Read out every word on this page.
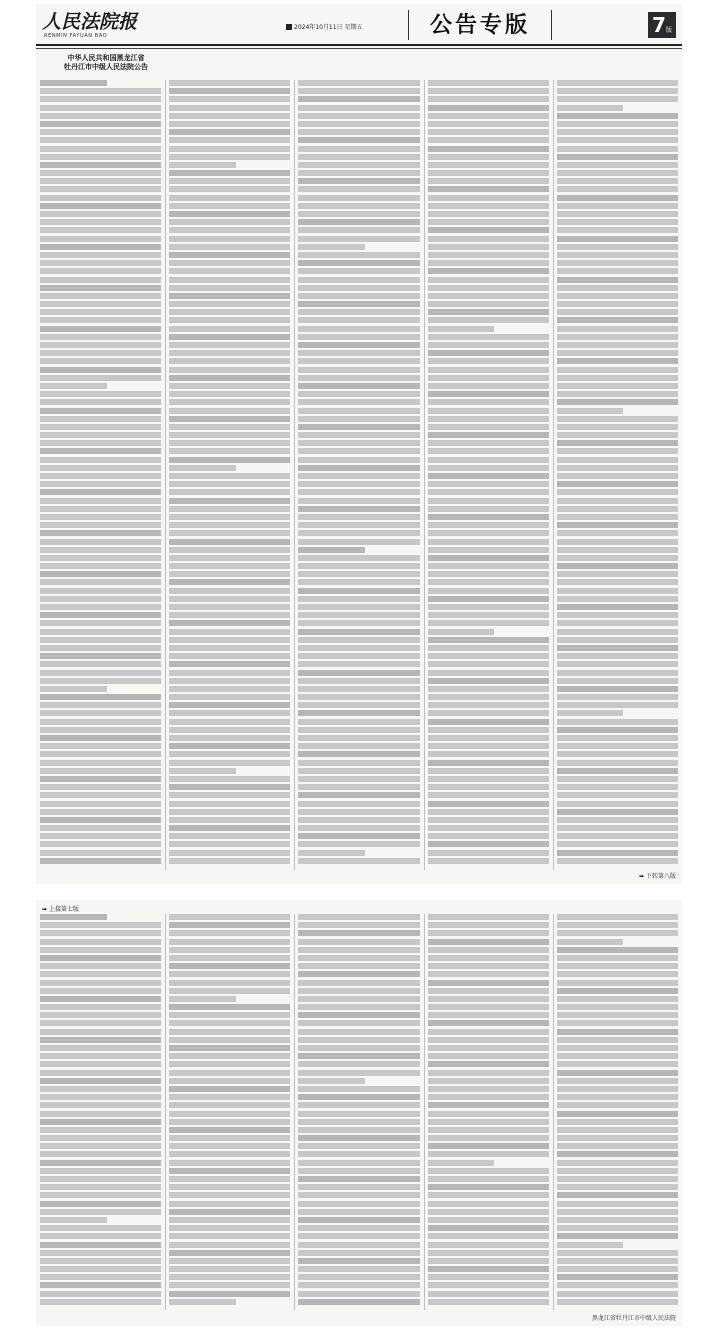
人民法院报
RENMIN FAYUAN BAO
2024年10月11日 星期五	公告专版	7版
中华人民共和国黑龙江省
牡丹江市中级人民法院公告
➡ 下转第八版
➡ 上接第七版
黑龙江省牡丹江市中级人民法院
